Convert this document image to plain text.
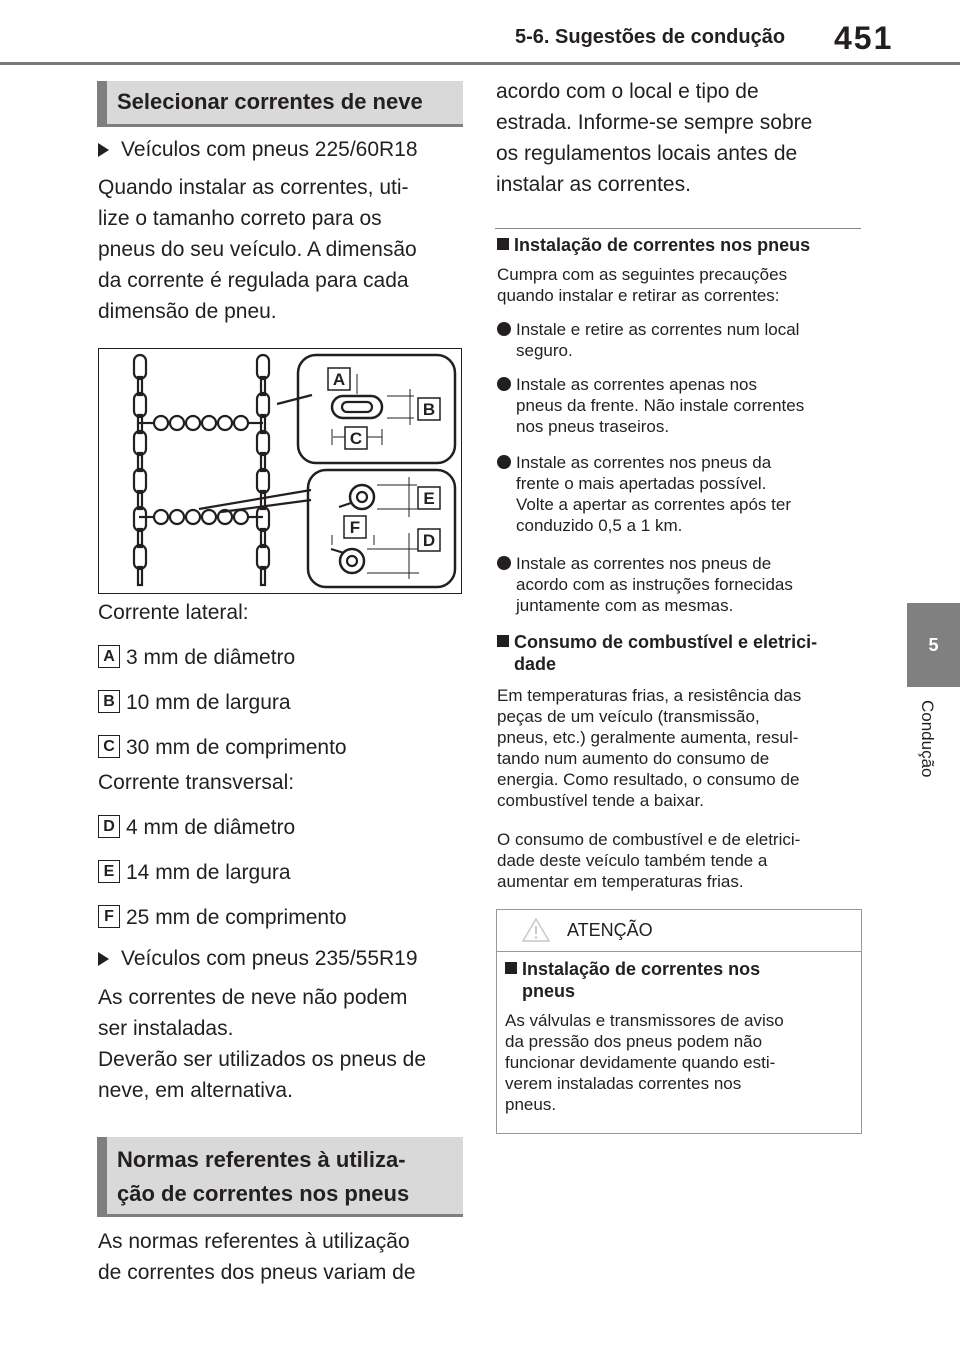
5-6. Sugestões de condução 451
5
Condução
Selecionar correntes de neve
Veículos com pneus 225/60R18
Quando instalar as correntes, uti-
lize o tamanho correto para os
pneus do seu veículo. A dimensão
da corrente é regulada para cada
dimensão de pneu.
A
B
C
E
F
D
Corrente lateral:
A 3 mm de diâmetro
B 10 mm de largura
C 30 mm de comprimento
Corrente transversal:
D 4 mm de diâmetro
E 14 mm de largura
F 25 mm de comprimento
Veículos com pneus 235/55R19
As correntes de neve não podem
ser instaladas.
Deverão ser utilizados os pneus de
neve, em alternativa.
Normas referentes à utiliza-
ção de correntes nos pneus
As normas referentes à utilização
de correntes dos pneus variam de
acordo com o local e tipo de
estrada. Informe-se sempre sobre
os regulamentos locais antes de
instalar as correntes.
Instalação de correntes nos pneus
Cumpra com as seguintes precauções
quando instalar e retirar as correntes:
Instale e retire as correntes num local
seguro.
Instale as correntes apenas nos
pneus da frente. Não instale correntes
nos pneus traseiros.
Instale as correntes nos pneus da
frente o mais apertadas possível.
Volte a apertar as correntes após ter
conduzido 0,5 a 1 km.
Instale as correntes nos pneus de
acordo com as instruções fornecidas
juntamente com as mesmas.
Consumo de combustível e eletrici-
dade
Em temperaturas frias, a resistência das
peças de um veículo (transmissão,
pneus, etc.) geralmente aumenta, resul-
tando num aumento do consumo de
energia. Como resultado, o consumo de
combustível tende a baixar.
O consumo de combustível e de eletrici-
dade deste veículo também tende a
aumentar em temperaturas frias.
ATENÇÃO
Instalação de correntes nos
pneus
As válvulas e transmissores de aviso
da pressão dos pneus podem não
funcionar devidamente quando esti-
verem instaladas correntes nos
pneus.
